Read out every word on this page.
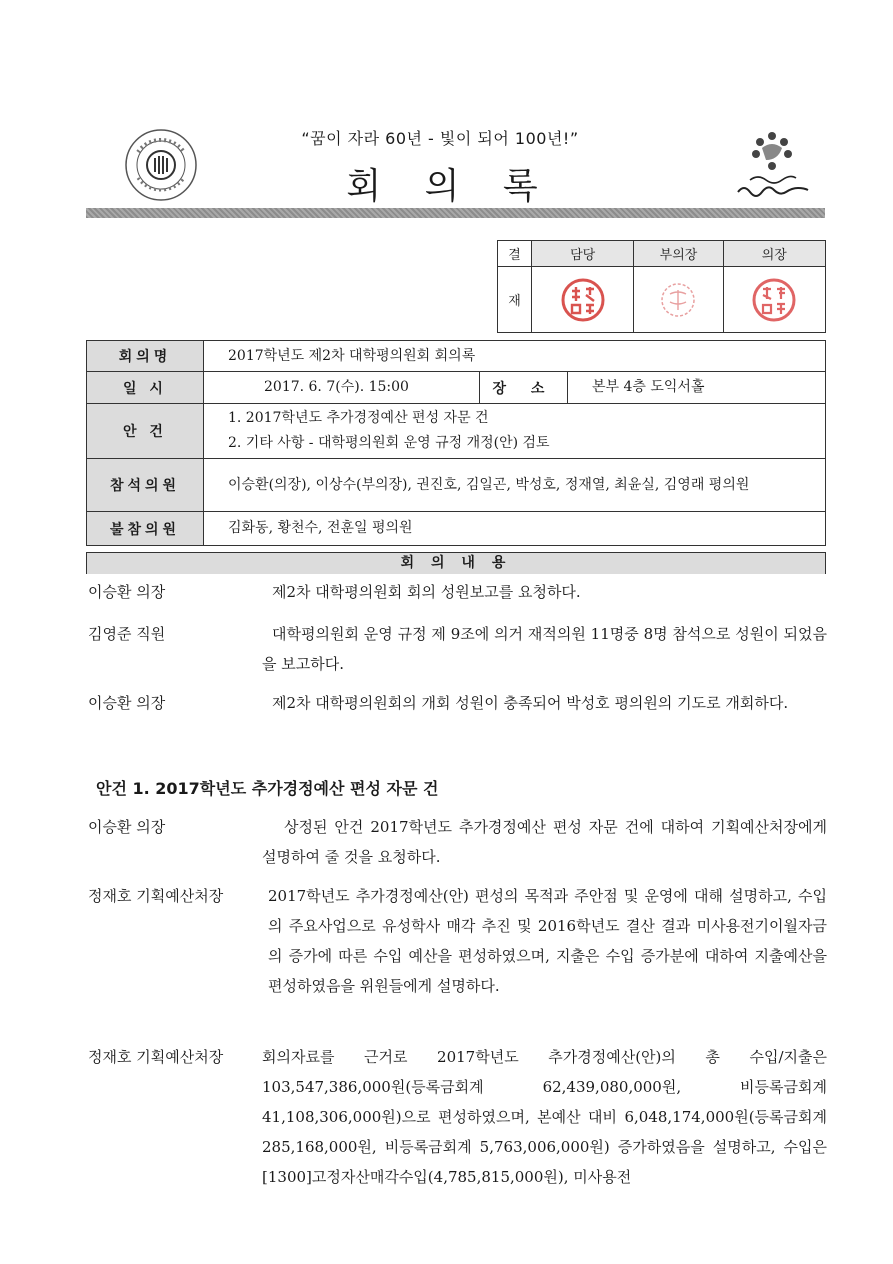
“꿈이 자라 60년 - 빛이 되어 100년!”
회 의 록
결	담당	부의장	의장
재			
회의명	2017학년도 제2차 대학평의원회 회의록		
일 시	2017. 6. 7(수). 15:00	장 소	본부 4층 도익서홀
안 건	1. 2017학년도 추가경정예산 편성 자문 건
2. 기타 사항 - 대학평의원회 운영 규정 개정(안) 검토		

참석의원	이승환(의장), 이상수(부의장), 권진호, 김일곤, 박성호, 정재열, 최윤실, 김영래 평의원		
불참의원	김화동, 황천수, 전훈일 평의원		
회 의 내 용
이승환 의장	제2차 대학평의원회 회의 성원보고를 요청하다.
김영준 직원	대학평의원회 운영 규정 제 9조에 의거 재적의원 11명중 8명 참석으로 성원이 되었음을 보고하다.
이승환 의장	제2차 대학평의원회의 개회 성원이 충족되어 박성호 평의원의 기도로 개회하다.
안건 1. 2017학년도 추가경정예산 편성 자문 건
이승환 의장	상정된 안건 2017학년도 추가경정예산 편성 자문 건에 대하여 기획예산처장에게 설명하여 줄 것을 요청하다.
정재호 기획예산처장	2017학년도 추가경정예산(안) 편성의 목적과 주안점 및 운영에 대해 설명하고, 수입의 주요사업으로 유성학사 매각 추진 및 2016학년도 결산 결과 미사용전기이월자금의 증가에 따른 수입 예산을 편성하였으며, 지출은 수입 증가분에 대하여 지출예산을 편성하였음을 위원들에게 설명하다.
정재호 기획예산처장	회의자료를 근거로 2017학년도 추가경정예산(안)의 총 수입/지출은 103,547,386,000원(등록금회계 62,439,080,000원, 비등록금회계 41,108,306,000원)으로 편성하였으며, 본예산 대비 6,048,174,000원(등록금회계 285,168,000원, 비등록금회계 5,763,006,000원) 증가하였음을 설명하고, 수입은 [1300]고정자산매각수입(4,785,815,000원), 미사용전
